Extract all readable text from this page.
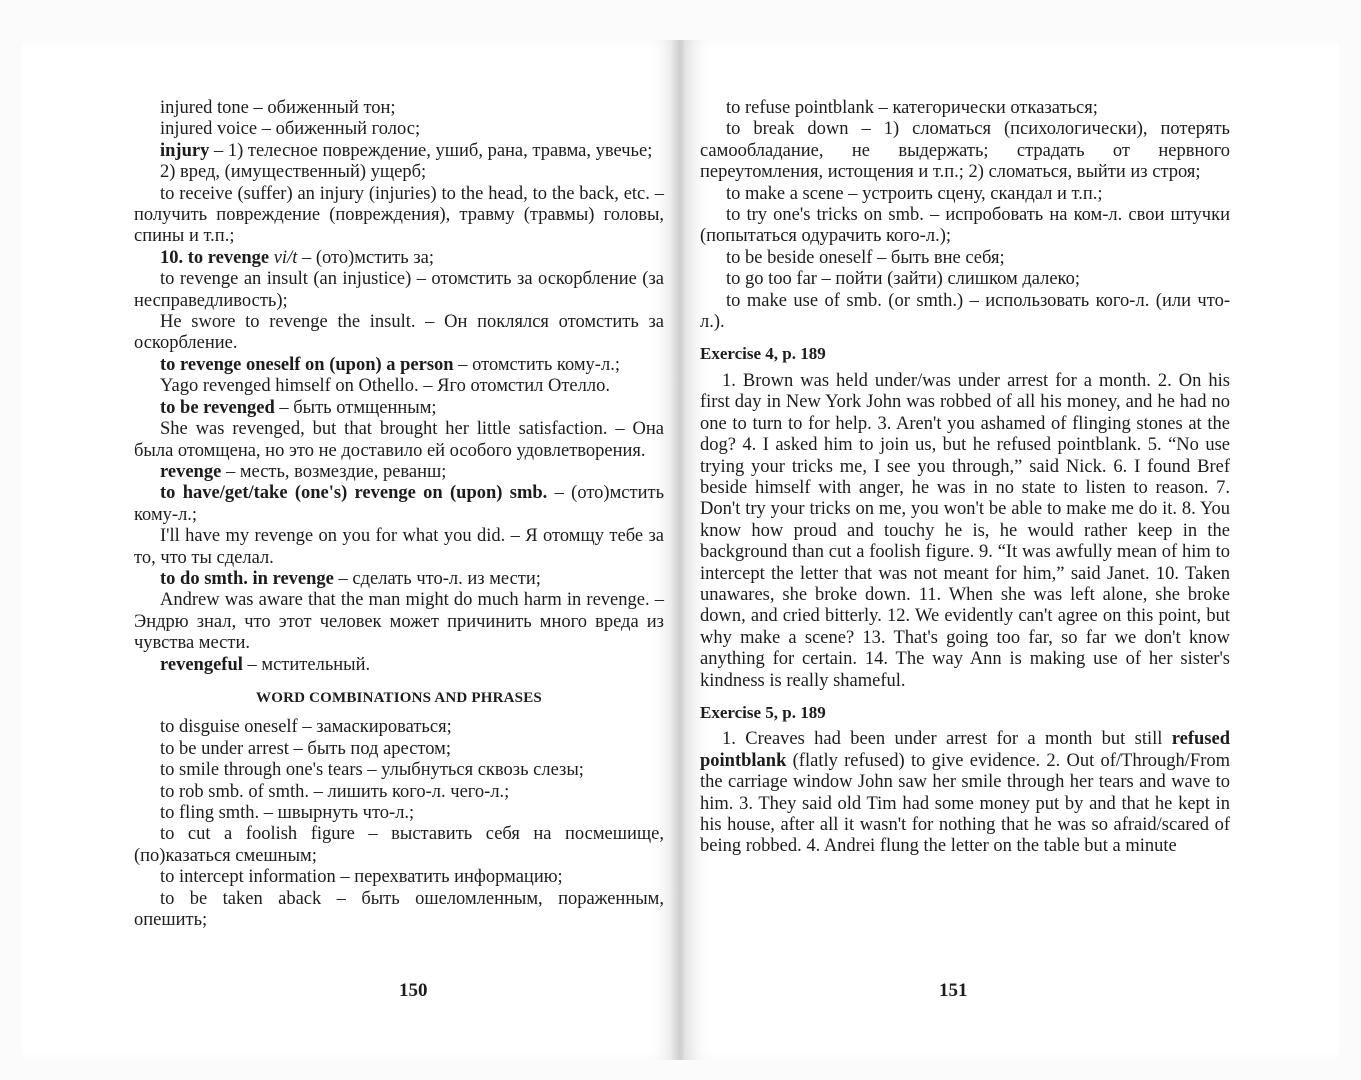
injured tone – обиженный тон;

injured voice – обиженный голос;

injury – 1) телесное повреждение, ушиб, рана, травма, увечье;

2) вред, (имущественный) ущерб;

to receive (suffer) an injury (injuries) to the head, to the back, etc. – получить повреждение (повреждения), травму (травмы) головы, спины и т.п.;

10. to revenge vi/t – (ото)мстить за;

to revenge an insult (an injustice) – отомстить за оскорбление (за несправедливость);

He swore to revenge the insult. – Он поклялся отомстить за оскорбление.

to revenge oneself on (upon) a person – отомстить кому-л.;

Yago revenged himself on Othello. – Яго отомстил Отелло.

to be revenged – быть отмщенным;

She was revenged, but that brought her little satisfaction. – Она была отомщена, но это не доставило ей особого удовлетворения.

revenge – месть, возмездие, реванш;

to have/get/take (one's) revenge on (upon) smb. – (ото)мстить кому-л.;

I'll have my revenge on you for what you did. – Я отомщу тебе за то, что ты сделал.

to do smth. in revenge – сделать что-л. из мести;

Andrew was aware that the man might do much harm in revenge. – Эндрю знал, что этот человек может причинить много вреда из чувства мести.

revengeful – мстительный.

WORD COMBINATIONS AND PHRASES

to disguise oneself – замаскироваться;

to be under arrest – быть под арестом;

to smile through one's tears – улыбнуться сквозь слезы;

to rob smb. of smth. – лишить кого-л. чего-л.;

to fling smth. – швырнуть что-л.;

to cut a foolish figure – выставить себя на посмешище, (по)казаться смешным;

to intercept information – перехватить информацию;

to be taken aback – быть ошеломленным, пораженным, опешить;

150

to refuse pointblank – категорически отказаться;

to break down – 1) сломаться (психологически), потерять самообладание, не выдержать; страдать от нервного переутомления, истощения и т.п.; 2) сломаться, выйти из строя;

to make a scene – устроить сцену, скандал и т.п.;

to try one's tricks on smb. – испробовать на ком-л. свои штучки (попытаться одурачить кого-л.);

to be beside oneself – быть вне себя;

to go too far – пойти (зайти) слишком далеко;

to make use of smb. (or smth.) – использовать кого-л. (или что-л.).

Exercise 4, p. 189

1. Brown was held under/was under arrest for a month. 2. On his first day in New York John was robbed of all his money, and he had no one to turn to for help. 3. Aren't you ashamed of flinging stones at the dog? 4. I asked him to join us, but he refused pointblank. 5. “No use trying your tricks me, I see you through,” said Nick. 6. I found Bref beside himself with anger, he was in no state to listen to reason. 7. Don't try your tricks on me, you won't be able to make me do it. 8. You know how proud and touchy he is, he would rather keep in the background than cut a foolish figure. 9. “It was awfully mean of him to intercept the letter that was not meant for him,” said Janet. 10. Taken unawares, she broke down. 11. When she was left alone, she broke down, and cried bitterly. 12. We evidently can't agree on this point, but why make a scene? 13. That's going too far, so far we don't know anything for certain. 14. The way Ann is making use of her sister's kindness is really shameful.

Exercise 5, p. 189

1. Creaves had been under arrest for a month but still refused pointblank (flatly refused) to give evidence. 2. Out of/Through/From the carriage window John saw her smile through her tears and wave to him. 3. They said old Tim had some money put by and that he kept in his house, after all it wasn't for nothing that he was so afraid/scared of being robbed. 4. Andrei flung the letter on the table but a minute

151
